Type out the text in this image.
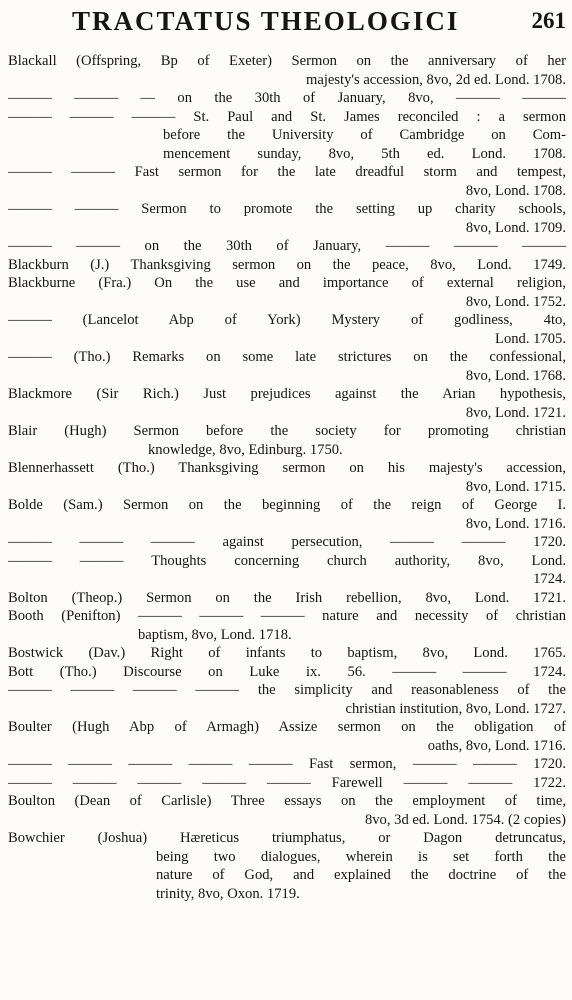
TRACTATUS THEOLOGICI	261
Blackall (Offspring, Bp of Exeter) Sermon on the anniversary of her
majesty's accession, 8vo, 2d ed. Lond. 1708.
——— ——— — on the 30th of January, 8vo, ——— ———
——— ——— ——— St. Paul and St. James reconciled : a sermon
before the University of Cambridge on Com-
mencement sunday, 8vo, 5th ed. Lond. 1708.
——— ——— Fast sermon for the late dreadful storm and tempest,
8vo, Lond. 1708.
——— ——— Sermon to promote the setting up charity schools,
8vo, Lond. 1709.
——— ——— on the 30th of January, ——— ——— ———
Blackburn (J.) Thanksgiving sermon on the peace, 8vo, Lond. 1749.
Blackburne (Fra.) On the use and importance of external religion,
8vo, Lond. 1752.
——— (Lancelot Abp of York) Mystery of godliness, 4to,
Lond. 1705.
——— (Tho.) Remarks on some late strictures on the confessional,
8vo, Lond. 1768.
Blackmore (Sir Rich.) Just prejudices against the Arian hypothesis,
8vo, Lond. 1721.
Blair (Hugh) Sermon before the society for promoting christian
knowledge, 8vo, Edinburg. 1750.
Blennerhassett (Tho.) Thanksgiving sermon on his majesty's accession,
8vo, Lond. 1715.
Bolde (Sam.) Sermon on the beginning of the reign of George I.
8vo, Lond. 1716.
——— ——— ——— against persecution, ——— ——— 1720.
——— ——— Thoughts concerning church authority, 8vo, Lond.
1724.
Bolton (Theop.) Sermon on the Irish rebellion, 8vo, Lond. 1721.
Booth (Penifton) ——— ——— ——— nature and necessity of christian
baptism, 8vo, Lond. 1718.
Bostwick (Dav.) Right of infants to baptism, 8vo, Lond. 1765.
Bott (Tho.) Discourse on Luke ix. 56. ——— ——— 1724.
——— ——— ——— ——— the simplicity and reasonableness of the
christian institution, 8vo, Lond. 1727.
Boulter (Hugh Abp of Armagh) Assize sermon on the obligation of
oaths, 8vo, Lond. 1716.
——— ——— ——— ——— ——— Fast sermon, ——— ——— 1720.
——— ——— ——— ——— ——— Farewell ——— ——— 1722.
Boulton (Dean of Carlisle) Three essays on the employment of time,
8vo, 3d ed. Lond. 1754. (2 copies)
Bowchier (Joshua) Hæreticus triumphatus, or Dagon detruncatus,
being two dialogues, wherein is set forth the
nature of God, and explained the doctrine of the
trinity, 8vo, Oxon. 1719.
